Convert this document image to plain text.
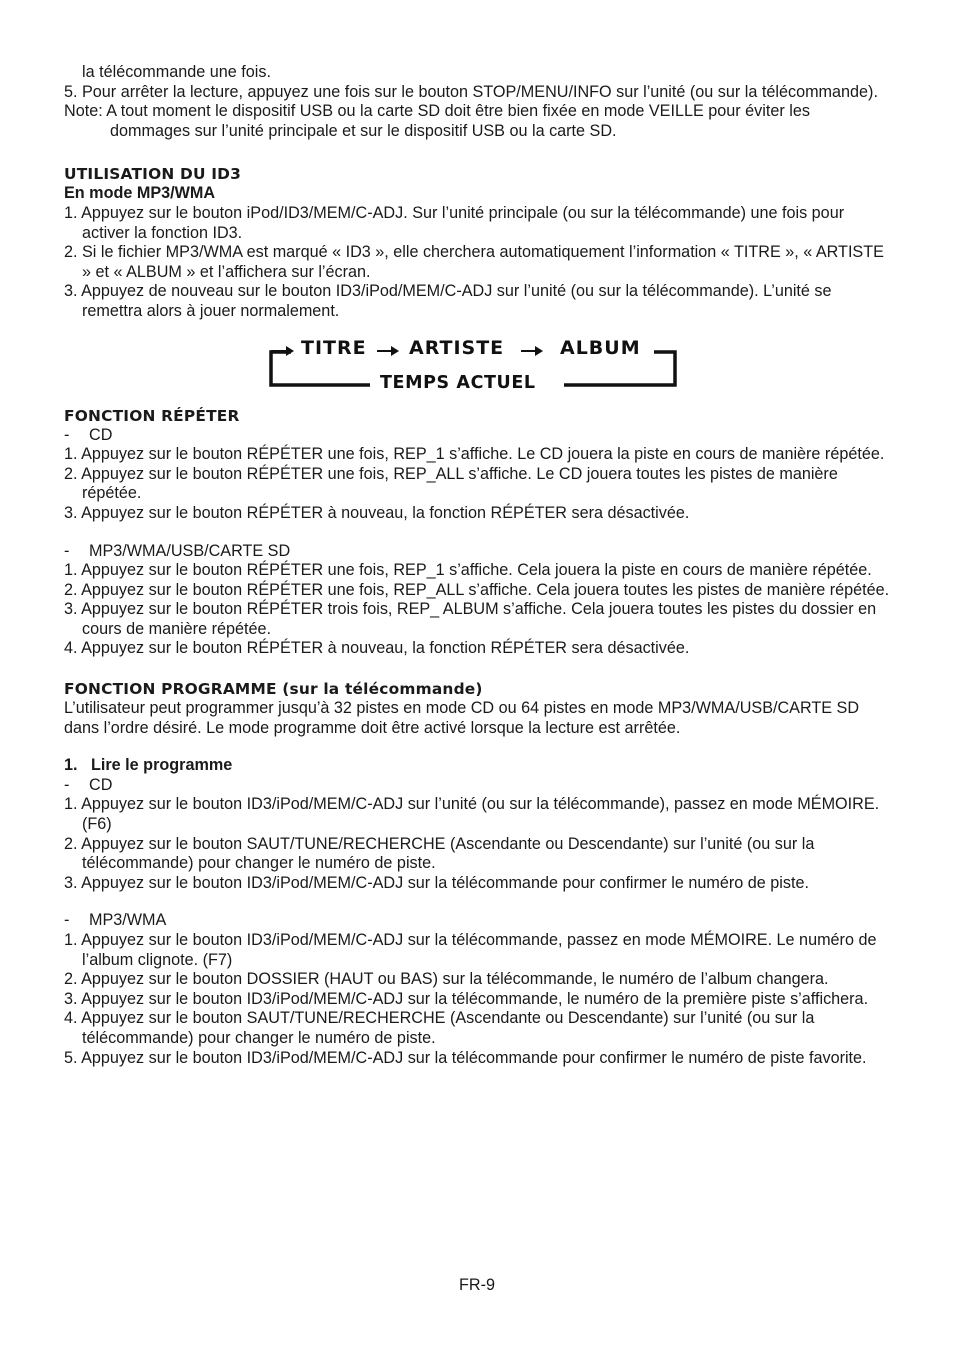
la télécommande une fois.

5. Pour arrêter la lecture, appuyez une fois sur le bouton STOP/MENU/INFO sur l’unité (ou sur la télécommande).

Note: A tout moment le dispositif USB ou la carte SD doit être bien fixée en mode VEILLE pour éviter les dommages sur l’unité principale et sur le dispositif USB ou la carte SD.

UTILISATION DU ID3

En mode MP3/WMA

1. Appuyez sur le bouton iPod/ID3/MEM/C-ADJ. Sur l’unité principale (ou sur la télécommande) une fois pour activer la fonction ID3.

2. Si le fichier MP3/WMA est marqué « ID3 », elle cherchera automatiquement l’information « TITRE », « ARTISTE » et « ALBUM » et l’affichera sur l’écran.

3. Appuyez de nouveau sur le bouton ID3/iPod/MEM/C-ADJ sur l’unité (ou sur la télécommande). L’unité se remettra alors à jouer normalement.

TITRE ARTISTE	ALBUM
TEMPS ACTUEL

FONCTION RÉPÉTER

- CD

1. Appuyez sur le bouton RÉPÉTER une fois, REP_1 s’affiche. Le CD jouera la piste en cours de manière répétée.

2. Appuyez sur le bouton RÉPÉTER une fois, REP_ALL s’affiche. Le CD jouera toutes les pistes de manière répétée.

3. Appuyez sur le bouton RÉPÉTER à nouveau, la fonction RÉPÉTER sera désactivée.

- MP3/WMA/USB/CARTE SD

1. Appuyez sur le bouton RÉPÉTER une fois, REP_1 s’affiche. Cela jouera la piste en cours de manière répétée.

2. Appuyez sur le bouton RÉPÉTER une fois, REP_ALL s’affiche. Cela jouera toutes les pistes de manière répétée.

3. Appuyez sur le bouton RÉPÉTER trois fois, REP_ ALBUM s’affiche. Cela jouera toutes les pistes du dossier en cours de manière répétée.

4. Appuyez sur le bouton RÉPÉTER à nouveau, la fonction RÉPÉTER sera désactivée.

FONCTION PROGRAMME (sur la télécommande)

L’utilisateur peut programmer jusqu’à 32 pistes en mode CD ou 64 pistes en mode MP3/WMA/USB/CARTE SD dans l’ordre désiré. Le mode programme doit être activé lorsque la lecture est arrêtée.

1.   Lire le programme

- CD

1. Appuyez sur le bouton ID3/iPod/MEM/C-ADJ sur l’unité (ou sur la télécommande), passez en mode MÉMOIRE. (F6)

2. Appuyez sur le bouton SAUT/TUNE/RECHERCHE (Ascendante ou Descendante) sur l’unité (ou sur la télécommande) pour changer le numéro de piste.

3. Appuyez sur le bouton ID3/iPod/MEM/C-ADJ sur la télécommande pour confirmer le numéro de piste.

- MP3/WMA

1. Appuyez sur le bouton ID3/iPod/MEM/C-ADJ sur la télécommande, passez en mode MÉMOIRE. Le numéro de l’album clignote. (F7)

2. Appuyez sur le bouton DOSSIER (HAUT ou BAS) sur la télécommande, le numéro de l’album changera.

3. Appuyez sur le bouton ID3/iPod/MEM/C-ADJ sur la télécommande, le numéro de la première piste s’affichera.

4. Appuyez sur le bouton SAUT/TUNE/RECHERCHE (Ascendante ou Descendante) sur l’unité (ou sur la télécommande) pour changer le numéro de piste.

5. Appuyez sur le bouton ID3/iPod/MEM/C-ADJ sur la télécommande pour confirmer le numéro de piste favorite.

FR-9
